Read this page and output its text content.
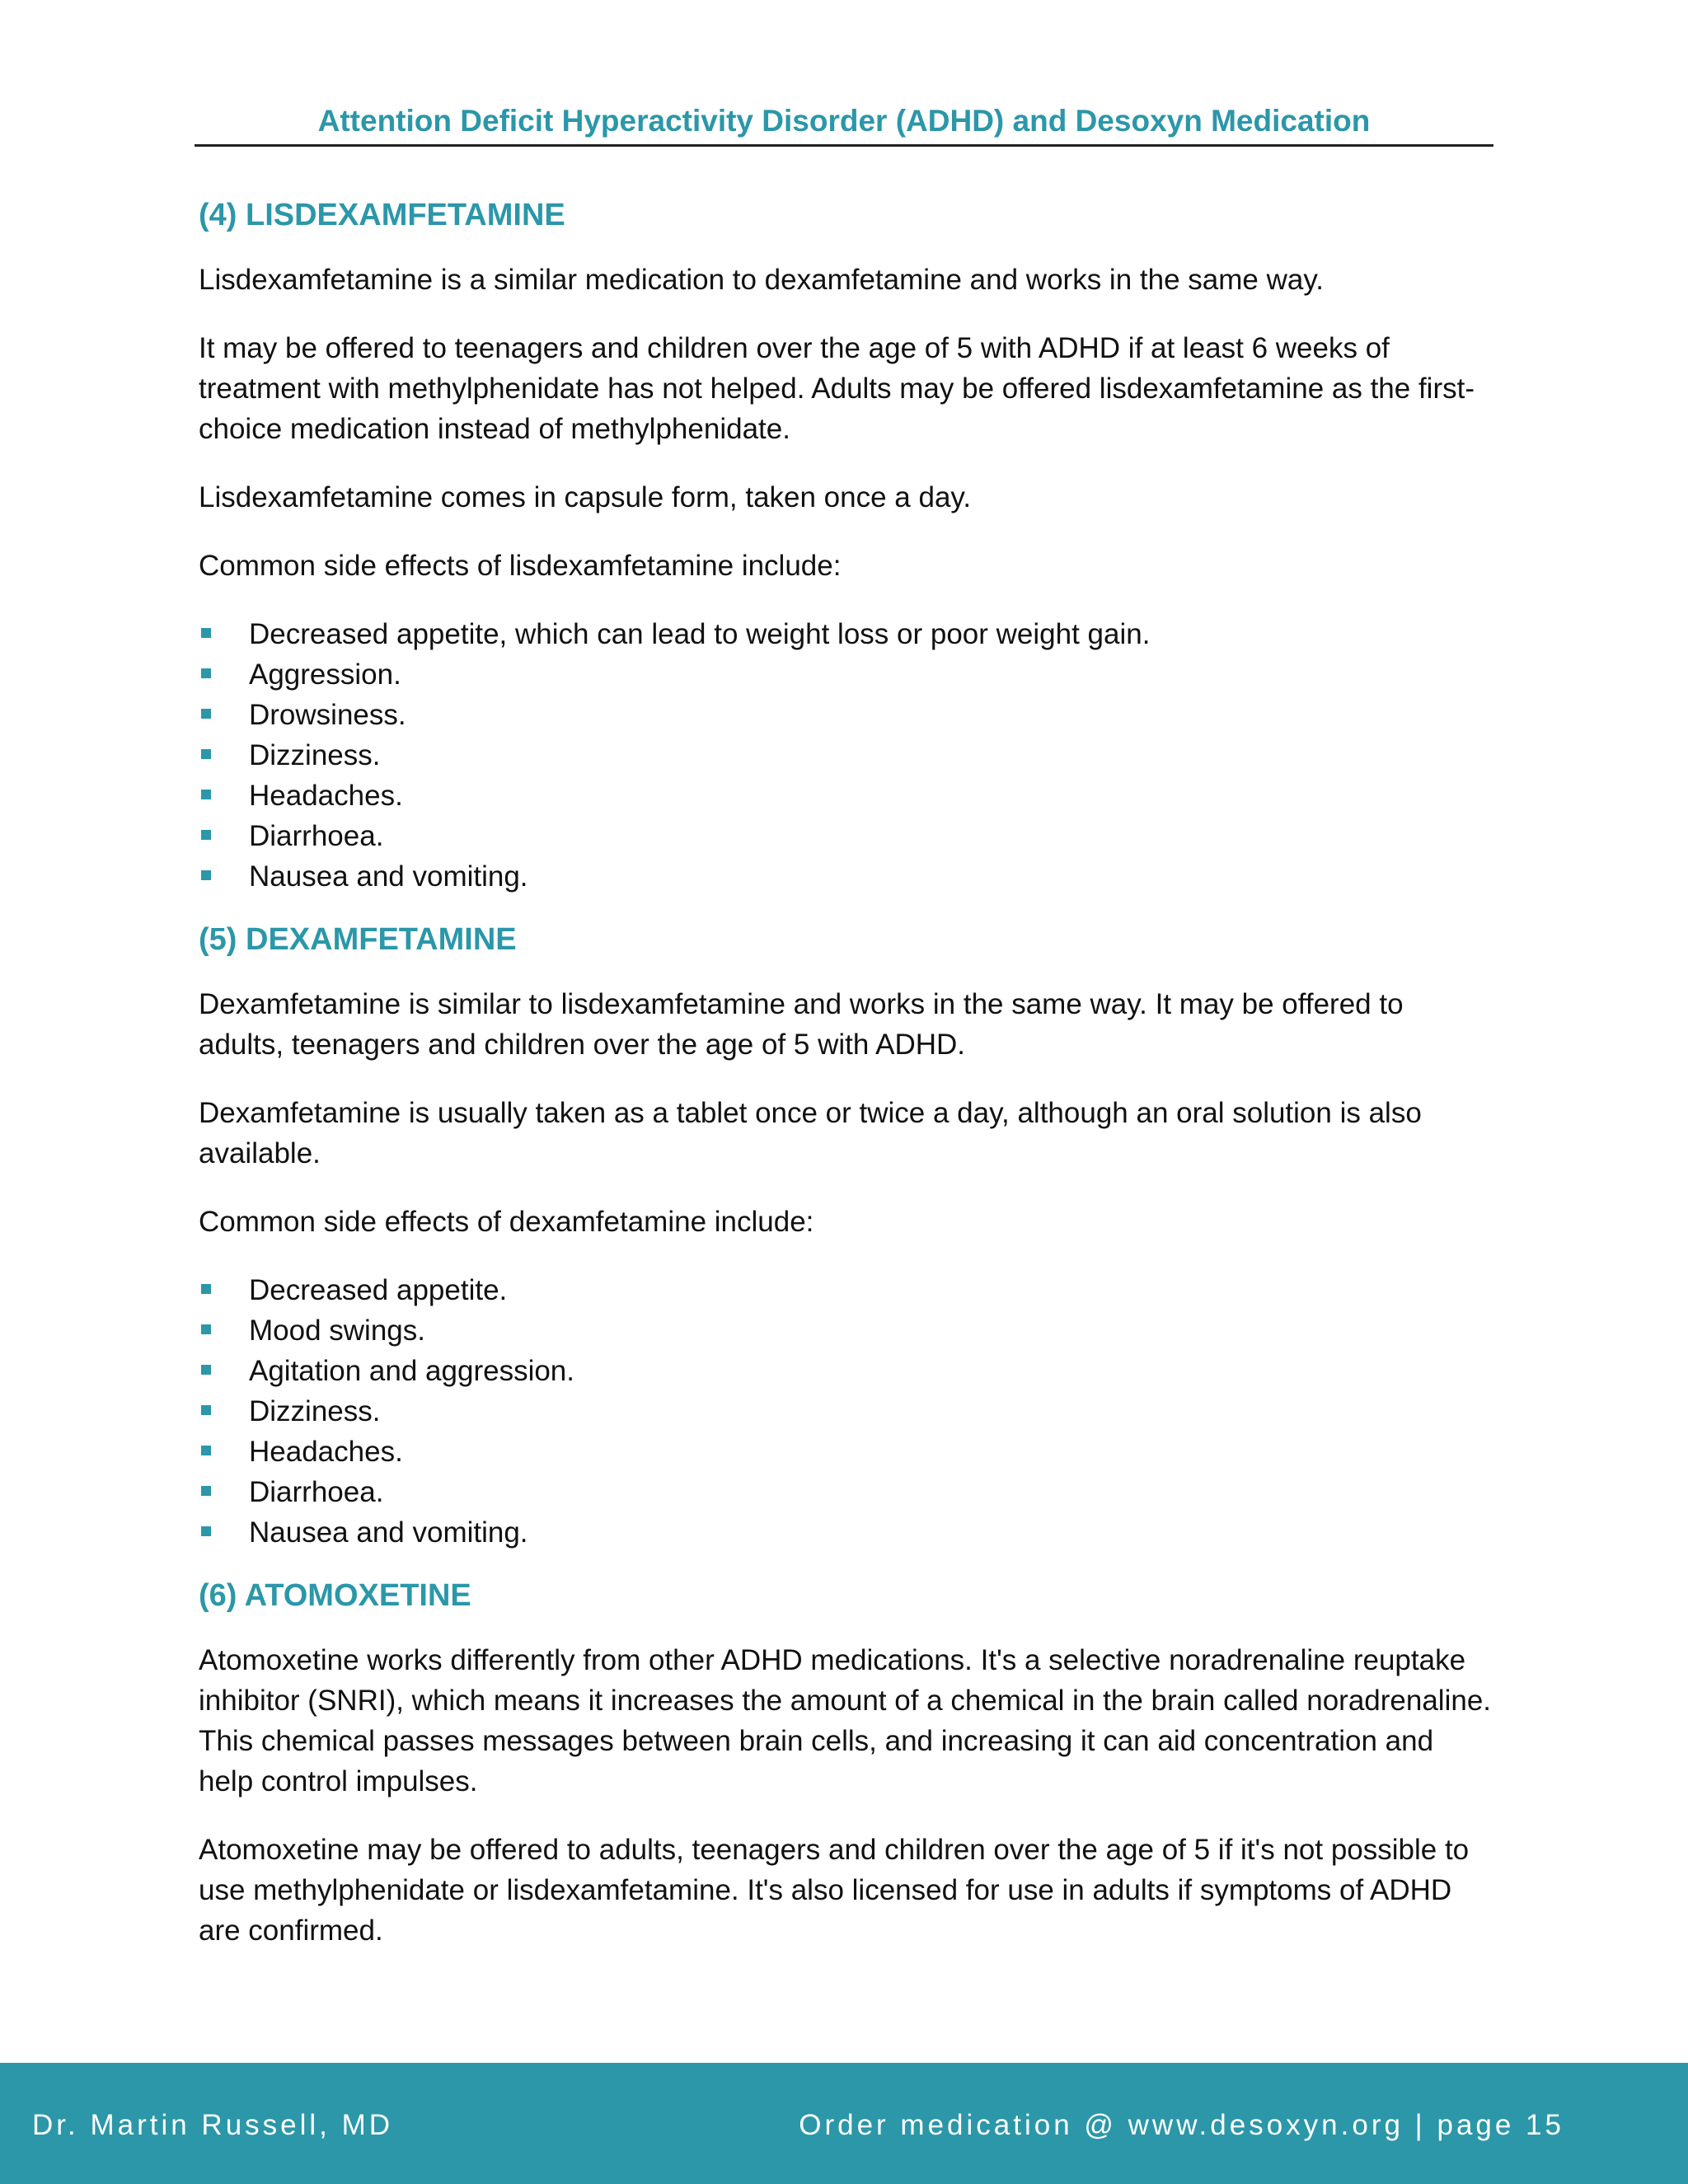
Attention Deficit Hyperactivity Disorder (ADHD) and Desoxyn Medication
(4) LISDEXAMFETAMINE

Lisdexamfetamine is a similar medication to dexamfetamine and works in the same way.

It may be offered to teenagers and children over the age of 5 with ADHD if at least 6 weeks of treatment with methylphenidate has not helped. Adults may be offered lisdexamfetamine as the first-choice medication instead of methylphenidate.

Lisdexamfetamine comes in capsule form, taken once a day.

Common side effects of lisdexamfetamine include:

Decreased appetite, which can lead to weight loss or poor weight gain.
Aggression.
Drowsiness.
Dizziness.
Headaches.
Diarrhoea.
Nausea and vomiting.
(5) DEXAMFETAMINE

Dexamfetamine is similar to lisdexamfetamine and works in the same way. It may be offered to adults, teenagers and children over the age of 5 with ADHD.

Dexamfetamine is usually taken as a tablet once or twice a day, although an oral solution is also available.

Common side effects of dexamfetamine include:

Decreased appetite.
Mood swings.
Agitation and aggression.
Dizziness.
Headaches.
Diarrhoea.
Nausea and vomiting.
(6) ATOMOXETINE

Atomoxetine works differently from other ADHD medications. It's a selective noradrenaline reuptake inhibitor (SNRI), which means it increases the amount of a chemical in the brain called noradrenaline. This chemical passes messages between brain cells, and increasing it can aid concentration and help control impulses.

Atomoxetine may be offered to adults, teenagers and children over the age of 5 if it's not possible to use methylphenidate or lisdexamfetamine. It's also licensed for use in adults if symptoms of ADHD are confirmed.

Dr. Martin Russell, MD	Order medication @ www.desoxyn.org | page 15
